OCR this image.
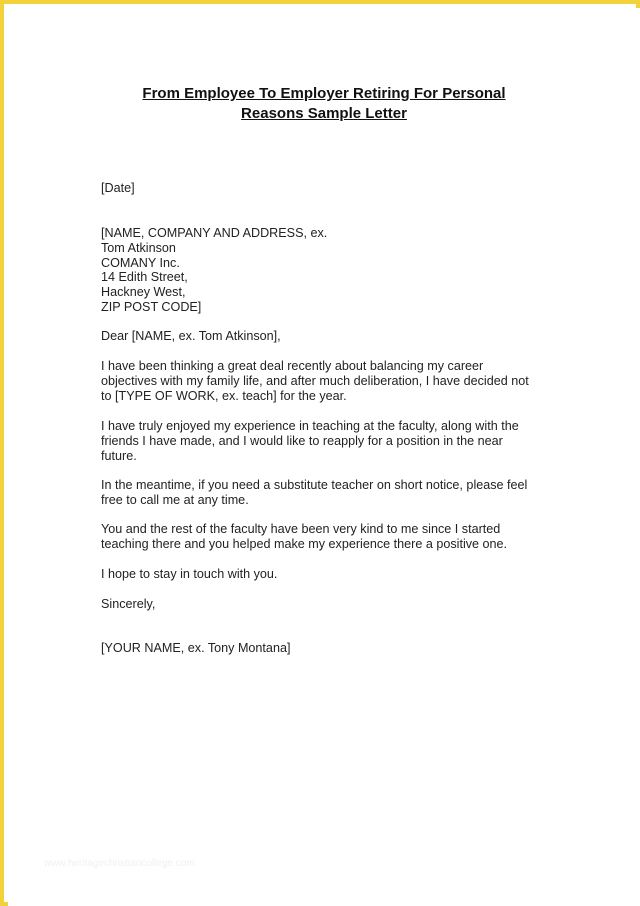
From Employee To Employer Retiring For Personal
Reasons Sample Letter
[Date]
[NAME, COMPANY AND ADDRESS, ex.
Tom Atkinson
COMANY Inc.
14 Edith Street,
Hackney West,
ZIP POST CODE]
Dear [NAME, ex. Tom Atkinson],
I have been thinking a great deal recently about balancing my career
objectives with my family life, and after much deliberation, I have decided not
to [TYPE OF WORK, ex. teach] for the year.
I have truly enjoyed my experience in teaching at the faculty, along with the
friends I have made, and I would like to reapply for a position in the near
future.
In the meantime, if you need a substitute teacher on short notice, please feel
free to call me at any time.
You and the rest of the faculty have been very kind to me since I started
teaching there and you helped make my experience there a positive one.
I hope to stay in touch with you.
Sincerely,
[YOUR NAME, ex. Tony Montana]
www.heritagechristiancollege.com
